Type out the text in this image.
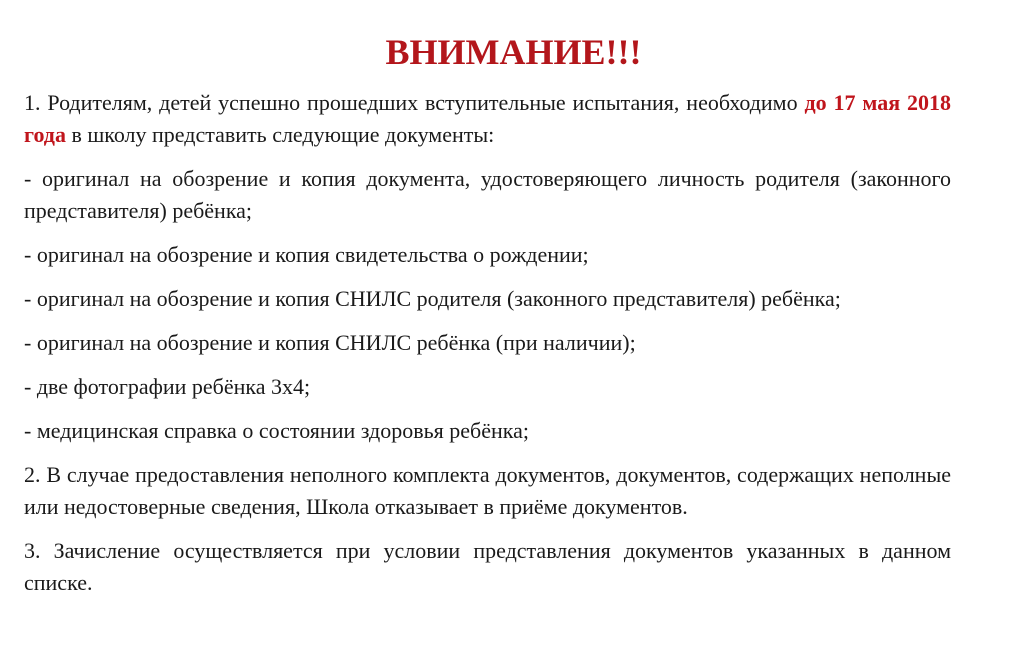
ВНИМАНИЕ!!!

1. Родителям, детей успешно прошедших вступительные испытания, необходимо до 17 мая 2018 года в школу представить следующие документы:

- оригинал на обозрение и копия документа, удостоверяющего личность родителя (законного представителя) ребёнка;

- оригинал на обозрение и копия свидетельства о рождении;

- оригинал на обозрение и копия СНИЛС родителя (законного представителя) ребёнка;

- оригинал на обозрение и копия СНИЛС ребёнка (при наличии);

- две фотографии ребёнка 3х4;

- медицинская справка о состоянии здоровья ребёнка;

2. В случае предоставления неполного комплекта документов, документов, содержащих неполные или недостоверные сведения, Школа отказывает в приёме документов.

3. Зачисление осуществляется при условии представления документов указанных в данном списке.
